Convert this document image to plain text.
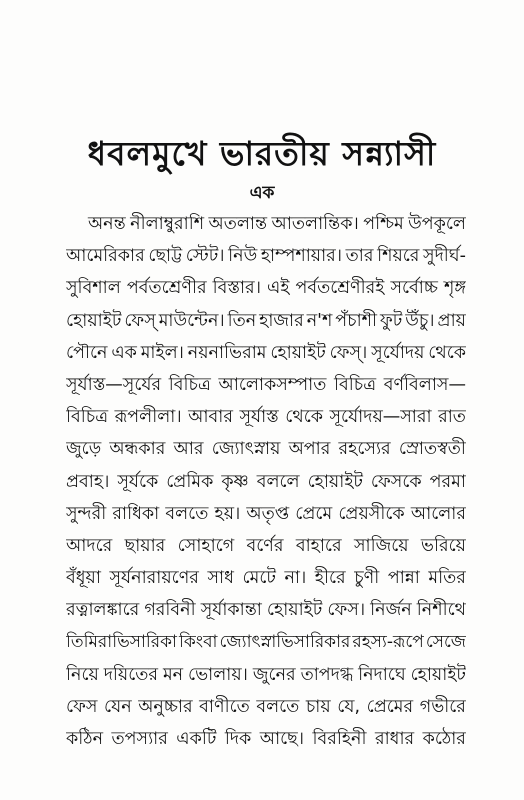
ধবলমুখে ভারতীয় সন্ন্যাসী
এক
অনন্ত নীলাম্বুরাশি অতলান্ত আতলান্তিক। পশ্চিম উপকূলে
আমেরিকার ছোট্ট স্টেট। নিউ হাম্পশায়ার। তার শিয়রে সুদীর্ঘ-
সুবিশাল পর্বতশ্রেণীর বিস্তার। এই পর্বতশ্রেণীরই সর্বোচ্চ শৃঙ্গ
হোয়াইট ফেস্ মাউন্টেন। তিন হাজার ন'শ পঁচাশী ফুট উঁচু। প্রায়
পৌনে এক মাইল। নয়নাভিরাম হোয়াইট ফেস্। সূর্যোদয় থেকে
সূর্যাস্ত—সূর্যের বিচিত্র আলোকসম্পাত বিচিত্র বর্ণবিলাস—
বিচিত্র রূপলীলা। আবার সূর্যাস্ত থেকে সূর্যোদয়—সারা রাত
জুড়ে অন্ধকার আর জ্যোৎস্নায় অপার রহস্যের স্রোতস্বতী
প্রবাহ। সূর্যকে প্রেমিক কৃষ্ণ বললে হোয়াইট ফেসকে পরমা
সুন্দরী রাধিকা বলতে হয়। অতৃপ্ত প্রেমে প্রেয়সীকে আলোর
আদরে ছায়ার সোহাগে বর্ণের বাহারে সাজিয়ে ভরিয়ে
বঁধূয়া সূর্যনারায়ণের সাধ মেটে না। হীরে চুণী পান্না মতির
রত্নালঙ্কারে গরবিনী সূর্যাকান্তা হোয়াইট ফেস। নির্জন নিশীথে
তিমিরাভিসারিকা কিংবা জ্যোৎস্নাভিসারিকার রহস্য-রূপে সেজে
নিয়ে দয়িতের মন ভোলায়। জুনের তাপদগ্ধ নিদাঘে হোয়াইট
ফেস যেন অনুচ্চার বাণীতে বলতে চায় যে, প্রেমের গভীরে
কঠিন তপস্যার একটি দিক আছে। বিরহিনী রাধার কঠোর
